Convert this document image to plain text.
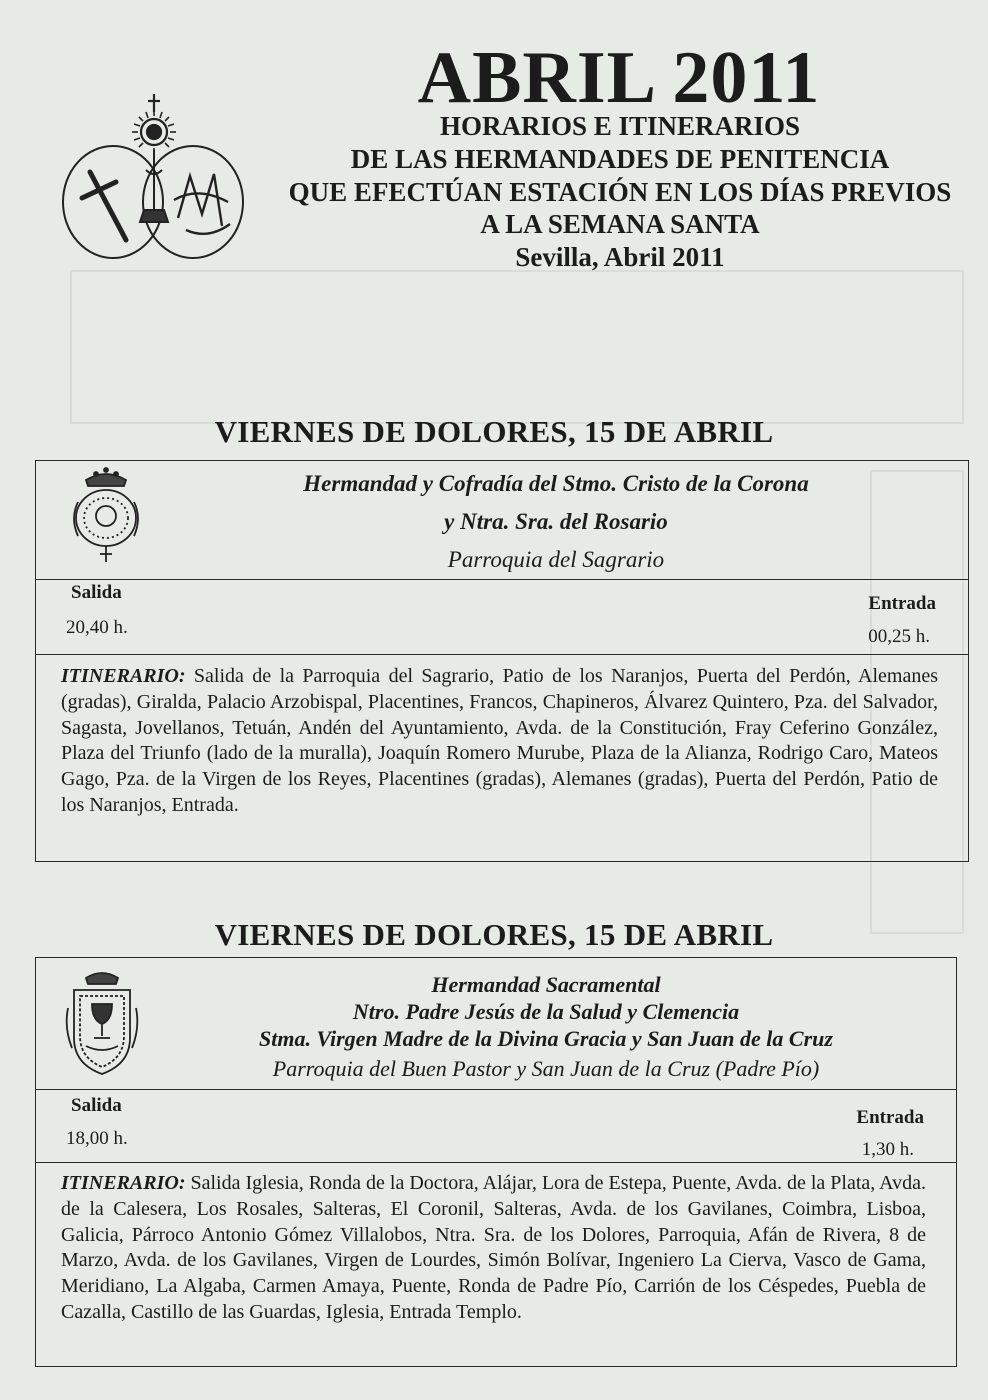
ABRIL 2011
HORARIOS E ITINERARIOS
DE LAS HERMANDADES DE PENITENCIA
QUE EFECTÚAN ESTACIÓN EN LOS DÍAS PREVIOS
A LA SEMANA SANTA
Sevilla, Abril 2011
VIERNES DE DOLORES, 15 DE ABRIL
Hermandad y Cofradía del Stmo. Cristo de la Corona
y Ntra. Sra. del Rosario
Parroquia del Sagrario
Salida
20,40 h.
Entrada
00,25 h.
ITINERARIO: Salida de la Parroquia del Sagrario, Patio de los Naranjos, Puerta del Perdón, Alemanes (gradas), Giralda, Palacio Arzobispal, Placentines, Francos, Chapineros, Álvarez Quintero, Pza. del Salvador, Sagasta, Jovellanos, Tetuán, Andén del Ayuntamiento, Avda. de la Constitución, Fray Ceferino González, Plaza del Triunfo (lado de la muralla), Joaquín Romero Murube, Plaza de la Alianza, Rodrigo Caro, Mateos Gago, Pza. de la Virgen de los Reyes, Placentines (gradas), Alemanes (gradas), Puerta del Perdón, Patio de los Naranjos, Entrada.
VIERNES DE DOLORES, 15 DE ABRIL
Hermandad Sacramental
Ntro. Padre Jesús de la Salud y Clemencia
Stma. Virgen Madre de la Divina Gracia y San Juan de la Cruz
Parroquia del Buen Pastor y San Juan de la Cruz (Padre Pío)
Salida
18,00 h.
Entrada
1,30 h.
ITINERARIO: Salida Iglesia, Ronda de la Doctora, Alájar, Lora de Estepa, Puente, Avda. de la Plata, Avda. de la Calesera, Los Rosales, Salteras, El Coronil, Salteras, Avda. de los Gavilanes, Coimbra, Lisboa, Galicia, Párroco Antonio Gómez Villalobos, Ntra. Sra. de los Dolores, Parroquia, Afán de Rivera, 8 de Marzo, Avda. de los Gavilanes, Virgen de Lourdes, Simón Bolívar, Ingeniero La Cierva, Vasco de Gama, Meridiano, La Algaba, Carmen Amaya, Puente, Ronda de Padre Pío, Carrión de los Céspedes, Puebla de Cazalla, Castillo de las Guardas, Iglesia, Entrada Templo.
